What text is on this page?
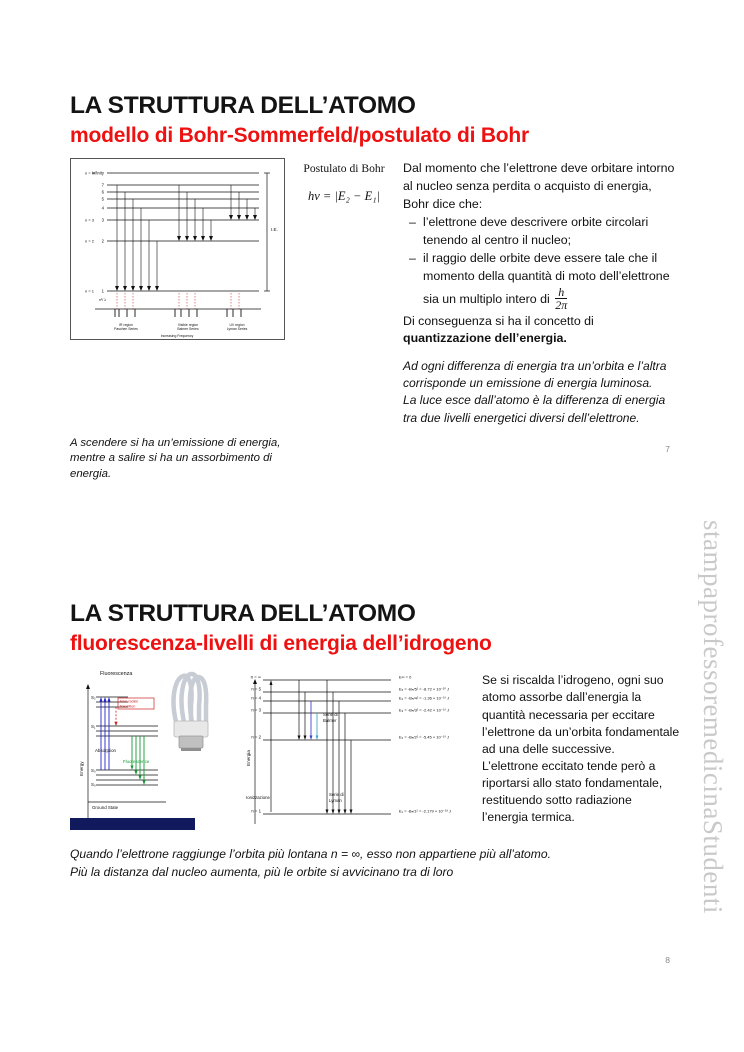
stampaprofessoremedicinaStudenti
LA STRUTTURA DELL’ATOMO
modello di Bohr-Sommerfeld/postulato di Bohr
Infinity
7
6
5
4
3
2
1
n = ∞
n = 3
n = 2
n = 1
I.E.
IR region
Paschen Series
Visible region
Balmer Series
UV region
Lyman Series
Increasing Frequency
n²/ λ
Postulato di Bohr
hν = |E₂ − E₁|

Dal momento che l’elettrone deve orbitare intorno al nucleo senza perdita o acquisto di energia, Bohr dice che:

– l’elettrone deve descrivere orbite circolari tenendo al centro il nucleo;
– il raggio delle orbite deve essere tale che il momento della quantità di moto dell’elettrone sia un multiplo intero di $\frac{h}{2\pi}$

Di conseguenza si ha il concetto di quantizzazione dell’energia.

Ad ogni differenza di energia tra un’orbita e l’altra corrisponde un emissione di energia luminosa.

La luce esce dall’atomo è la differenza di energia tra due livelli energetici diversi dell’elettrone.

A scendere si ha un’emissione di energia, mentre a salire si ha un assorbimento di energia.
7
LA STRUTTURA DELL’ATOMO
fluorescenza-livelli di energia dell’idrogeno
Fluorescenza
Energy
S₂
S₁
Non-radiat
transition
S₀
S₀
Absorption
Fluorescence
Ground State
Energia
n = ∞
n = 5
n = 4
n = 3
n = 2
n = 1
E∞ = 0
E₅ = -Bₕ/5² = -8.72 × 10⁻²⁰ J
E₄ = -Bₕ/4² = -1.36 × 10⁻¹⁹ J
E₃ = -Bₕ/3² = -2.42 × 10⁻¹⁹ J
E₂ = -Bₕ/2² = -5.45 × 10⁻¹⁹ J
E₁ = -Bₕ/1² = -2.179 × 10⁻¹⁸ J
Serie di
Balmer
Serie di
Lyman
Ionizzazione

Se si riscalda l’idrogeno, ogni suo atomo assorbe dall’energia la quantità necessaria per eccitare l’elettrone da un’orbita fondamentale ad una delle successive.

L’elettrone eccitato tende però a riportarsi allo stato fondamentale, restituendo sotto radiazione l’energia termica.

Quando l’elettrone raggiunge l’orbita più lontana n = ∞, esso non appartiene più all’atomo.

Più la distanza dal nucleo aumenta, più le orbite si avvicinano tra di loro

8
